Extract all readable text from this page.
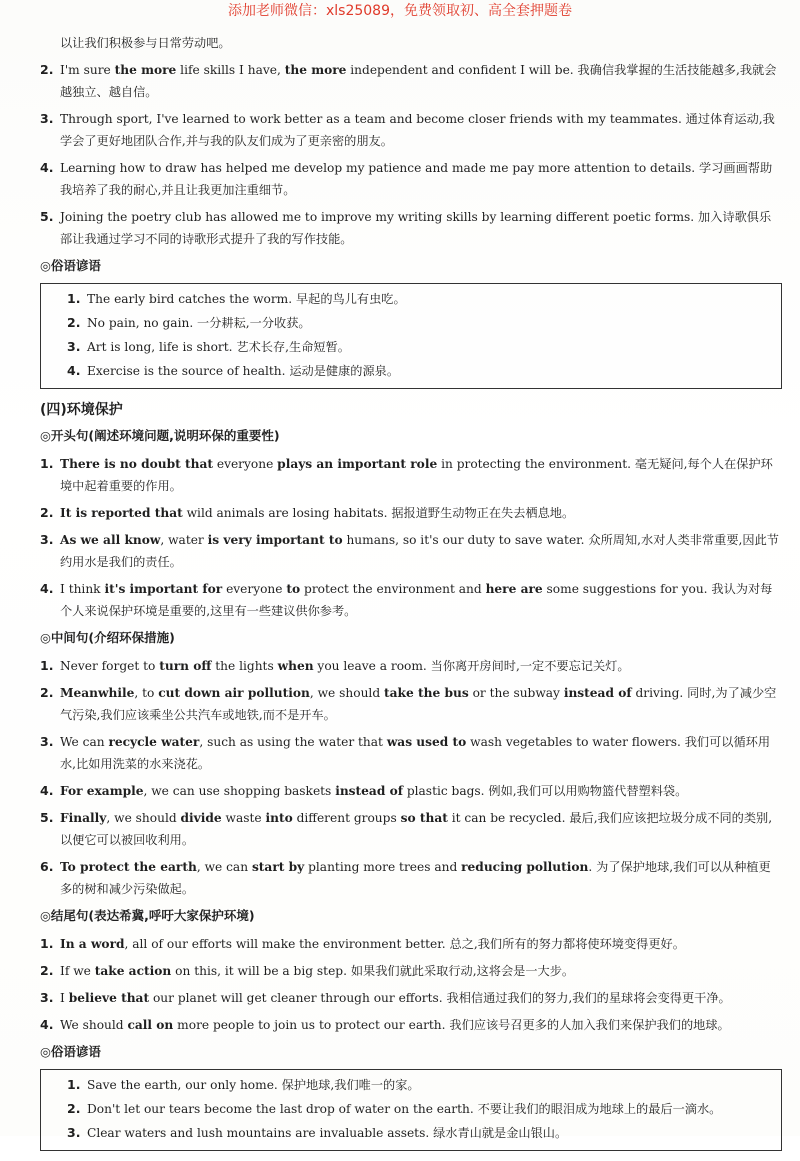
添加老师微信：xls25089，免费领取初、高全套押题卷
以让我们积极参与日常劳动吧。
2. I'm sure the more life skills I have, the more independent and confident I will be. 我确信我掌握的生活技能越多,我就会越独立、越自信。
3. Through sport, I've learned to work better as a team and become closer friends with my teammates. 通过体育运动,我学会了更好地团队合作,并与我的队友们成为了更亲密的朋友。
4. Learning how to draw has helped me develop my patience and made me pay more attention to details. 学习画画帮助我培养了我的耐心,并且让我更加注重细节。
5. Joining the poetry club has allowed me to improve my writing skills by learning different poetic forms. 加入诗歌俱乐部让我通过学习不同的诗歌形式提升了我的写作技能。
◎俗语谚语
1. The early bird catches the worm. 早起的鸟儿有虫吃。
2. No pain, no gain. 一分耕耘,一分收获。
3. Art is long, life is short. 艺术长存,生命短暂。
4. Exercise is the source of health. 运动是健康的源泉。
(四)环境保护
◎开头句(阐述环境问题,说明环保的重要性)
1. There is no doubt that everyone plays an important role in protecting the environment. 毫无疑问,每个人在保护环境中起着重要的作用。
2. It is reported that wild animals are losing habitats. 据报道野生动物正在失去栖息地。
3. As we all know, water is very important to humans, so it's our duty to save water. 众所周知,水对人类非常重要,因此节约用水是我们的责任。
4. I think it's important for everyone to protect the environment and here are some suggestions for you. 我认为对每个人来说保护环境是重要的,这里有一些建议供你参考。
◎中间句(介绍环保措施)
1. Never forget to turn off the lights when you leave a room. 当你离开房间时,一定不要忘记关灯。
2. Meanwhile, to cut down air pollution, we should take the bus or the subway instead of driving. 同时,为了减少空气污染,我们应该乘坐公共汽车或地铁,而不是开车。
3. We can recycle water, such as using the water that was used to wash vegetables to water flowers. 我们可以循环用水,比如用洗菜的水来浇花。
4. For example, we can use shopping baskets instead of plastic bags. 例如,我们可以用购物篮代替塑料袋。
5. Finally, we should divide waste into different groups so that it can be recycled. 最后,我们应该把垃圾分成不同的类别,以便它可以被回收利用。
6. To protect the earth, we can start by planting more trees and reducing pollution. 为了保护地球,我们可以从种植更多的树和减少污染做起。
◎结尾句(表达希冀,呼吁大家保护环境)
1. In a word, all of our efforts will make the environment better. 总之,我们所有的努力都将使环境变得更好。
2. If we take action on this, it will be a big step. 如果我们就此采取行动,这将会是一大步。
3. I believe that our planet will get cleaner through our efforts. 我相信通过我们的努力,我们的星球将会变得更干净。
4. We should call on more people to join us to protect our earth. 我们应该号召更多的人加入我们来保护我们的地球。
◎俗语谚语
1. Save the earth, our only home. 保护地球,我们唯一的家。
2. Don't let our tears become the last drop of water on the earth. 不要让我们的眼泪成为地球上的最后一滴水。
3. Clear waters and lush mountains are invaluable assets. 绿水青山就是金山银山。
